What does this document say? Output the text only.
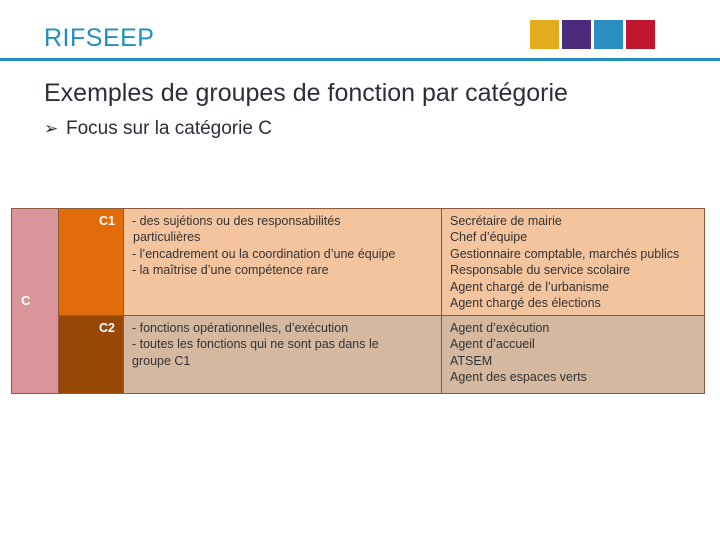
RIFSEEP
Exemples de groupes de fonction par catégorie
➢ Focus sur la catégorie C
C
C1 - des sujétions ou des responsabilités
particulières
- l’encadrement ou la coordination d’une équipe
- la maîtrise d’une compétence rare
Secrétaire de mairie
Chef d’équipe
Gestionnaire comptable, marchés publics
Responsable du service scolaire
Agent chargé de l’urbanisme
Agent chargé des élections
C2 - fonctions opérationnelles, d’exécution
- toutes les fonctions qui ne sont pas dans le
groupe C1
Agent d’exécution
Agent d’accueil
ATSEM
Agent des espaces verts
